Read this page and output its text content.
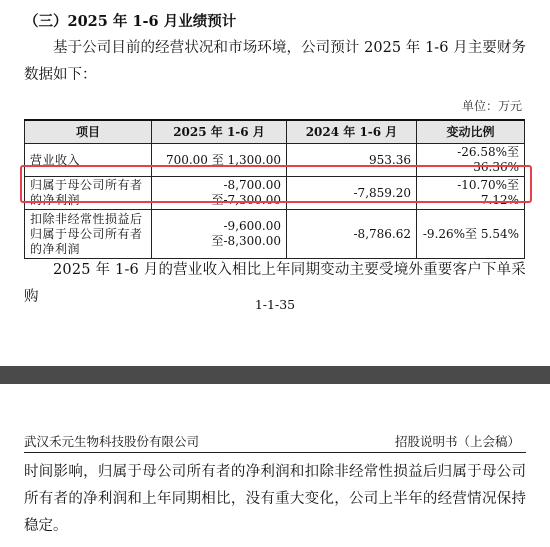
（三）2025 年 1-6 月业绩预计
基于公司目前的经营状况和市场环境，公司预计 2025 年 1-6 月主要财务数据如下：
单位：万元
项目	2025 年 1-6 月	2024 年 1-6 月	变动比例
营业收入	700.00 至 1,300.00	953.36	-26.58%至 36.36%
归属于母公司所有者的净利润	-8,700.00 至-7,300.00	-7,859.20	-10.70%至 7.12%
扣除非经常性损益后归属于母公司所有者的净利润	-9,600.00 至-8,300.00	-8,786.62	-9.26%至 5.54%
2025 年 1-6 月的营业收入相比上年同期变动主要受境外重要客户下单采购	1-1-35
武汉禾元生物科技股份有限公司	招股说明书（上会稿）
时间影响，归属于母公司所有者的净利润和扣除非经常性损益后归属于母公司所有者的净利润和上年同期相比，没有重大变化，公司上半年的经营情况保持稳定。
